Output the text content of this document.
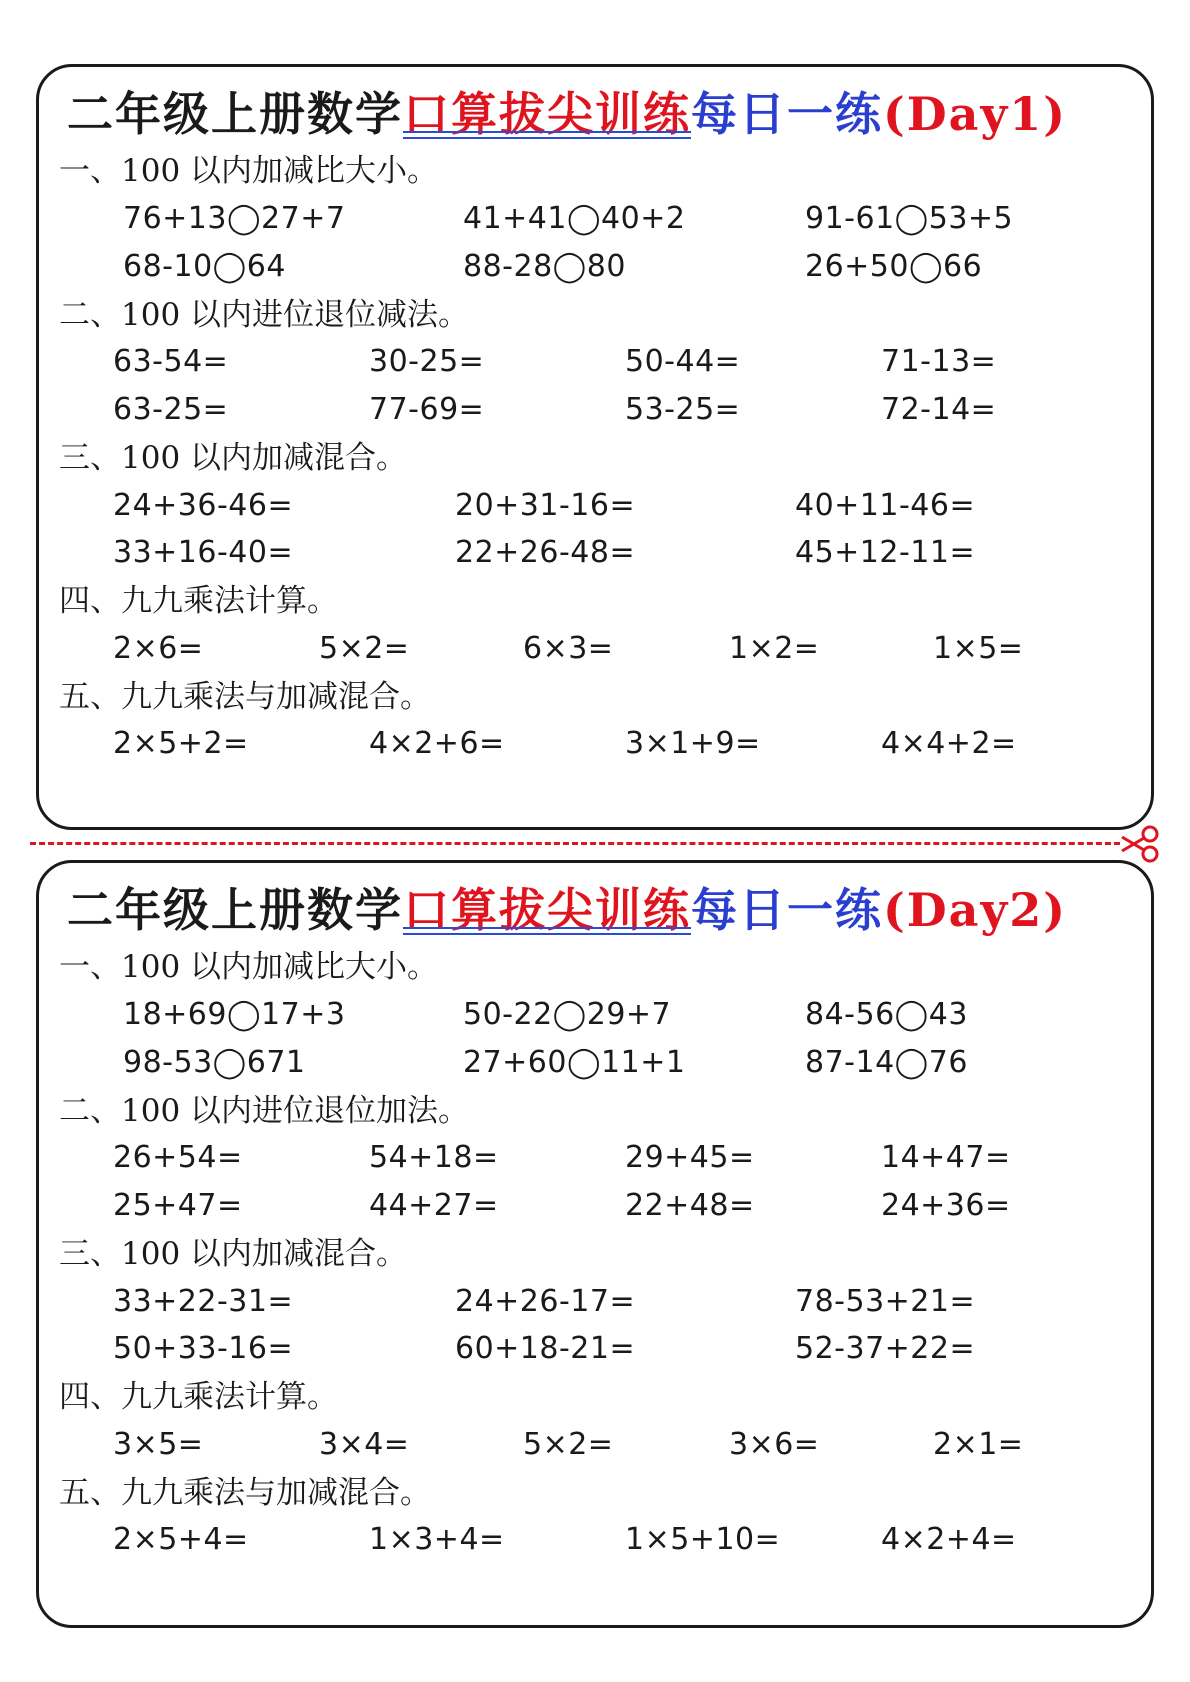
二年级上册数学口算拔尖训练每日一练(Day1)
一、100 以内加减比大小。
76+13◯27+7	41+41◯40+2	91-61◯53+5
68-10◯64	88-28◯80	26+50◯66
二、100 以内进位退位减法。
63-54=	30-25=	50-44=	71-13=
63-25=	77-69=	53-25=	72-14=
三、100 以内加减混合。
24+36-46=	20+31-16=	40+11-46=
33+16-40=	22+26-48=	45+12-11=
四、九九乘法计算。
2×6=	5×2=	6×3=	1×2=	1×5=
五、九九乘法与加减混合。
2×5+2=	4×2+6=	3×1+9=	4×4+2=
二年级上册数学口算拔尖训练每日一练(Day2)
一、100 以内加减比大小。
18+69◯17+3	50-22◯29+7	84-56◯43
98-53◯671	27+60◯11+1	87-14◯76
二、100 以内进位退位加法。
26+54=	54+18=	29+45=	14+47=
25+47=	44+27=	22+48=	24+36=
三、100 以内加减混合。
33+22-31=	24+26-17=	78-53+21=
50+33-16=	60+18-21=	52-37+22=
四、九九乘法计算。
3×5=	3×4=	5×2=	3×6=	2×1=
五、九九乘法与加减混合。
2×5+4=	1×3+4=	1×5+10=	4×2+4=
